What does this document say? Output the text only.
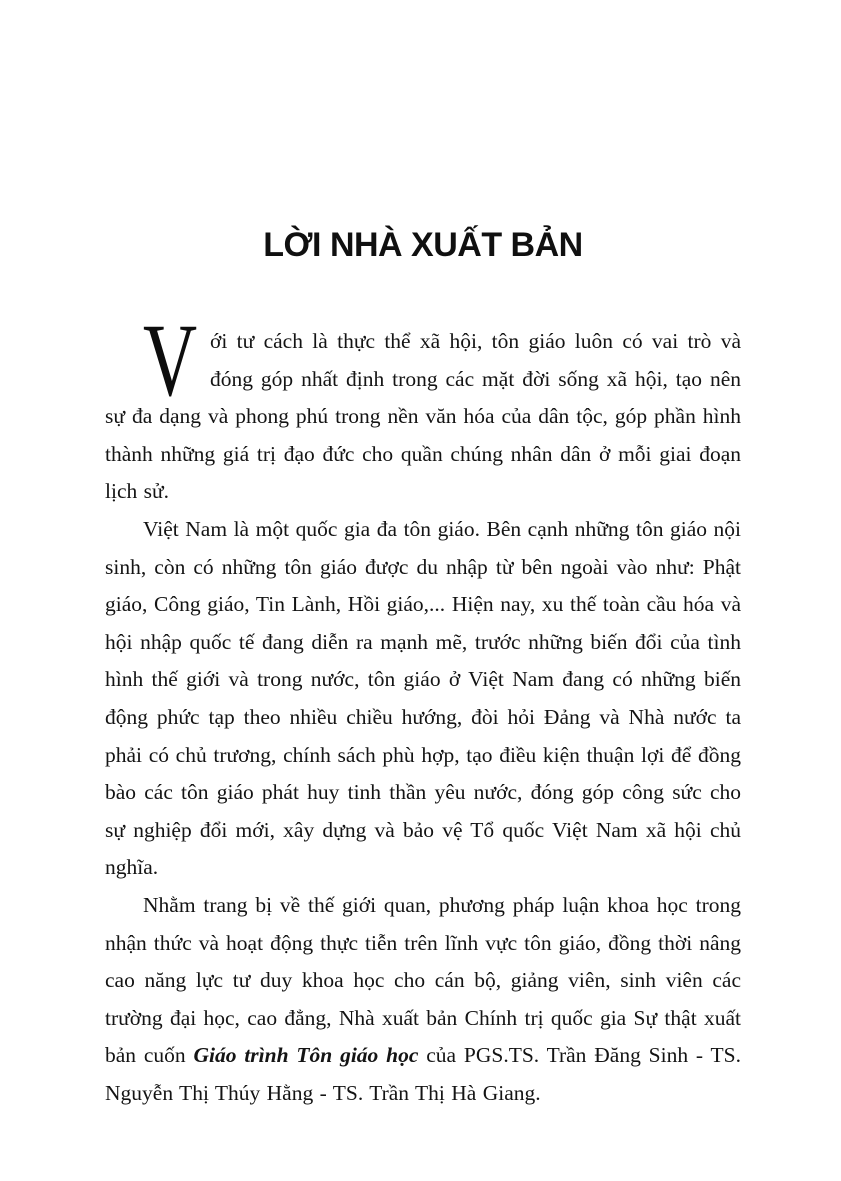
LỜI NHÀ XUẤT BẢN

Với tư cách là thực thể xã hội, tôn giáo luôn có vai trò và đóng góp nhất định trong các mặt đời sống xã hội, tạo nên sự đa dạng và phong phú trong nền văn hóa của dân tộc, góp phần hình thành những giá trị đạo đức cho quần chúng nhân dân ở mỗi giai đoạn lịch sử.

Việt Nam là một quốc gia đa tôn giáo. Bên cạnh những tôn giáo nội sinh, còn có những tôn giáo được du nhập từ bên ngoài vào như: Phật giáo, Công giáo, Tin Lành, Hồi giáo,... Hiện nay, xu thế toàn cầu hóa và hội nhập quốc tế đang diễn ra mạnh mẽ, trước những biến đổi của tình hình thế giới và trong nước, tôn giáo ở Việt Nam đang có những biến động phức tạp theo nhiều chiều hướng, đòi hỏi Đảng và Nhà nước ta phải có chủ trương, chính sách phù hợp, tạo điều kiện thuận lợi để đồng bào các tôn giáo phát huy tinh thần yêu nước, đóng góp công sức cho sự nghiệp đổi mới, xây dựng và bảo vệ Tổ quốc Việt Nam xã hội chủ nghĩa.

Nhằm trang bị về thế giới quan, phương pháp luận khoa học trong nhận thức và hoạt động thực tiễn trên lĩnh vực tôn giáo, đồng thời nâng cao năng lực tư duy khoa học cho cán bộ, giảng viên, sinh viên các trường đại học, cao đẳng, Nhà xuất bản Chính trị quốc gia Sự thật xuất bản cuốn Giáo trình Tôn giáo học của PGS.TS. Trần Đăng Sinh - TS. Nguyễn Thị Thúy Hằng - TS. Trần Thị Hà Giang.
